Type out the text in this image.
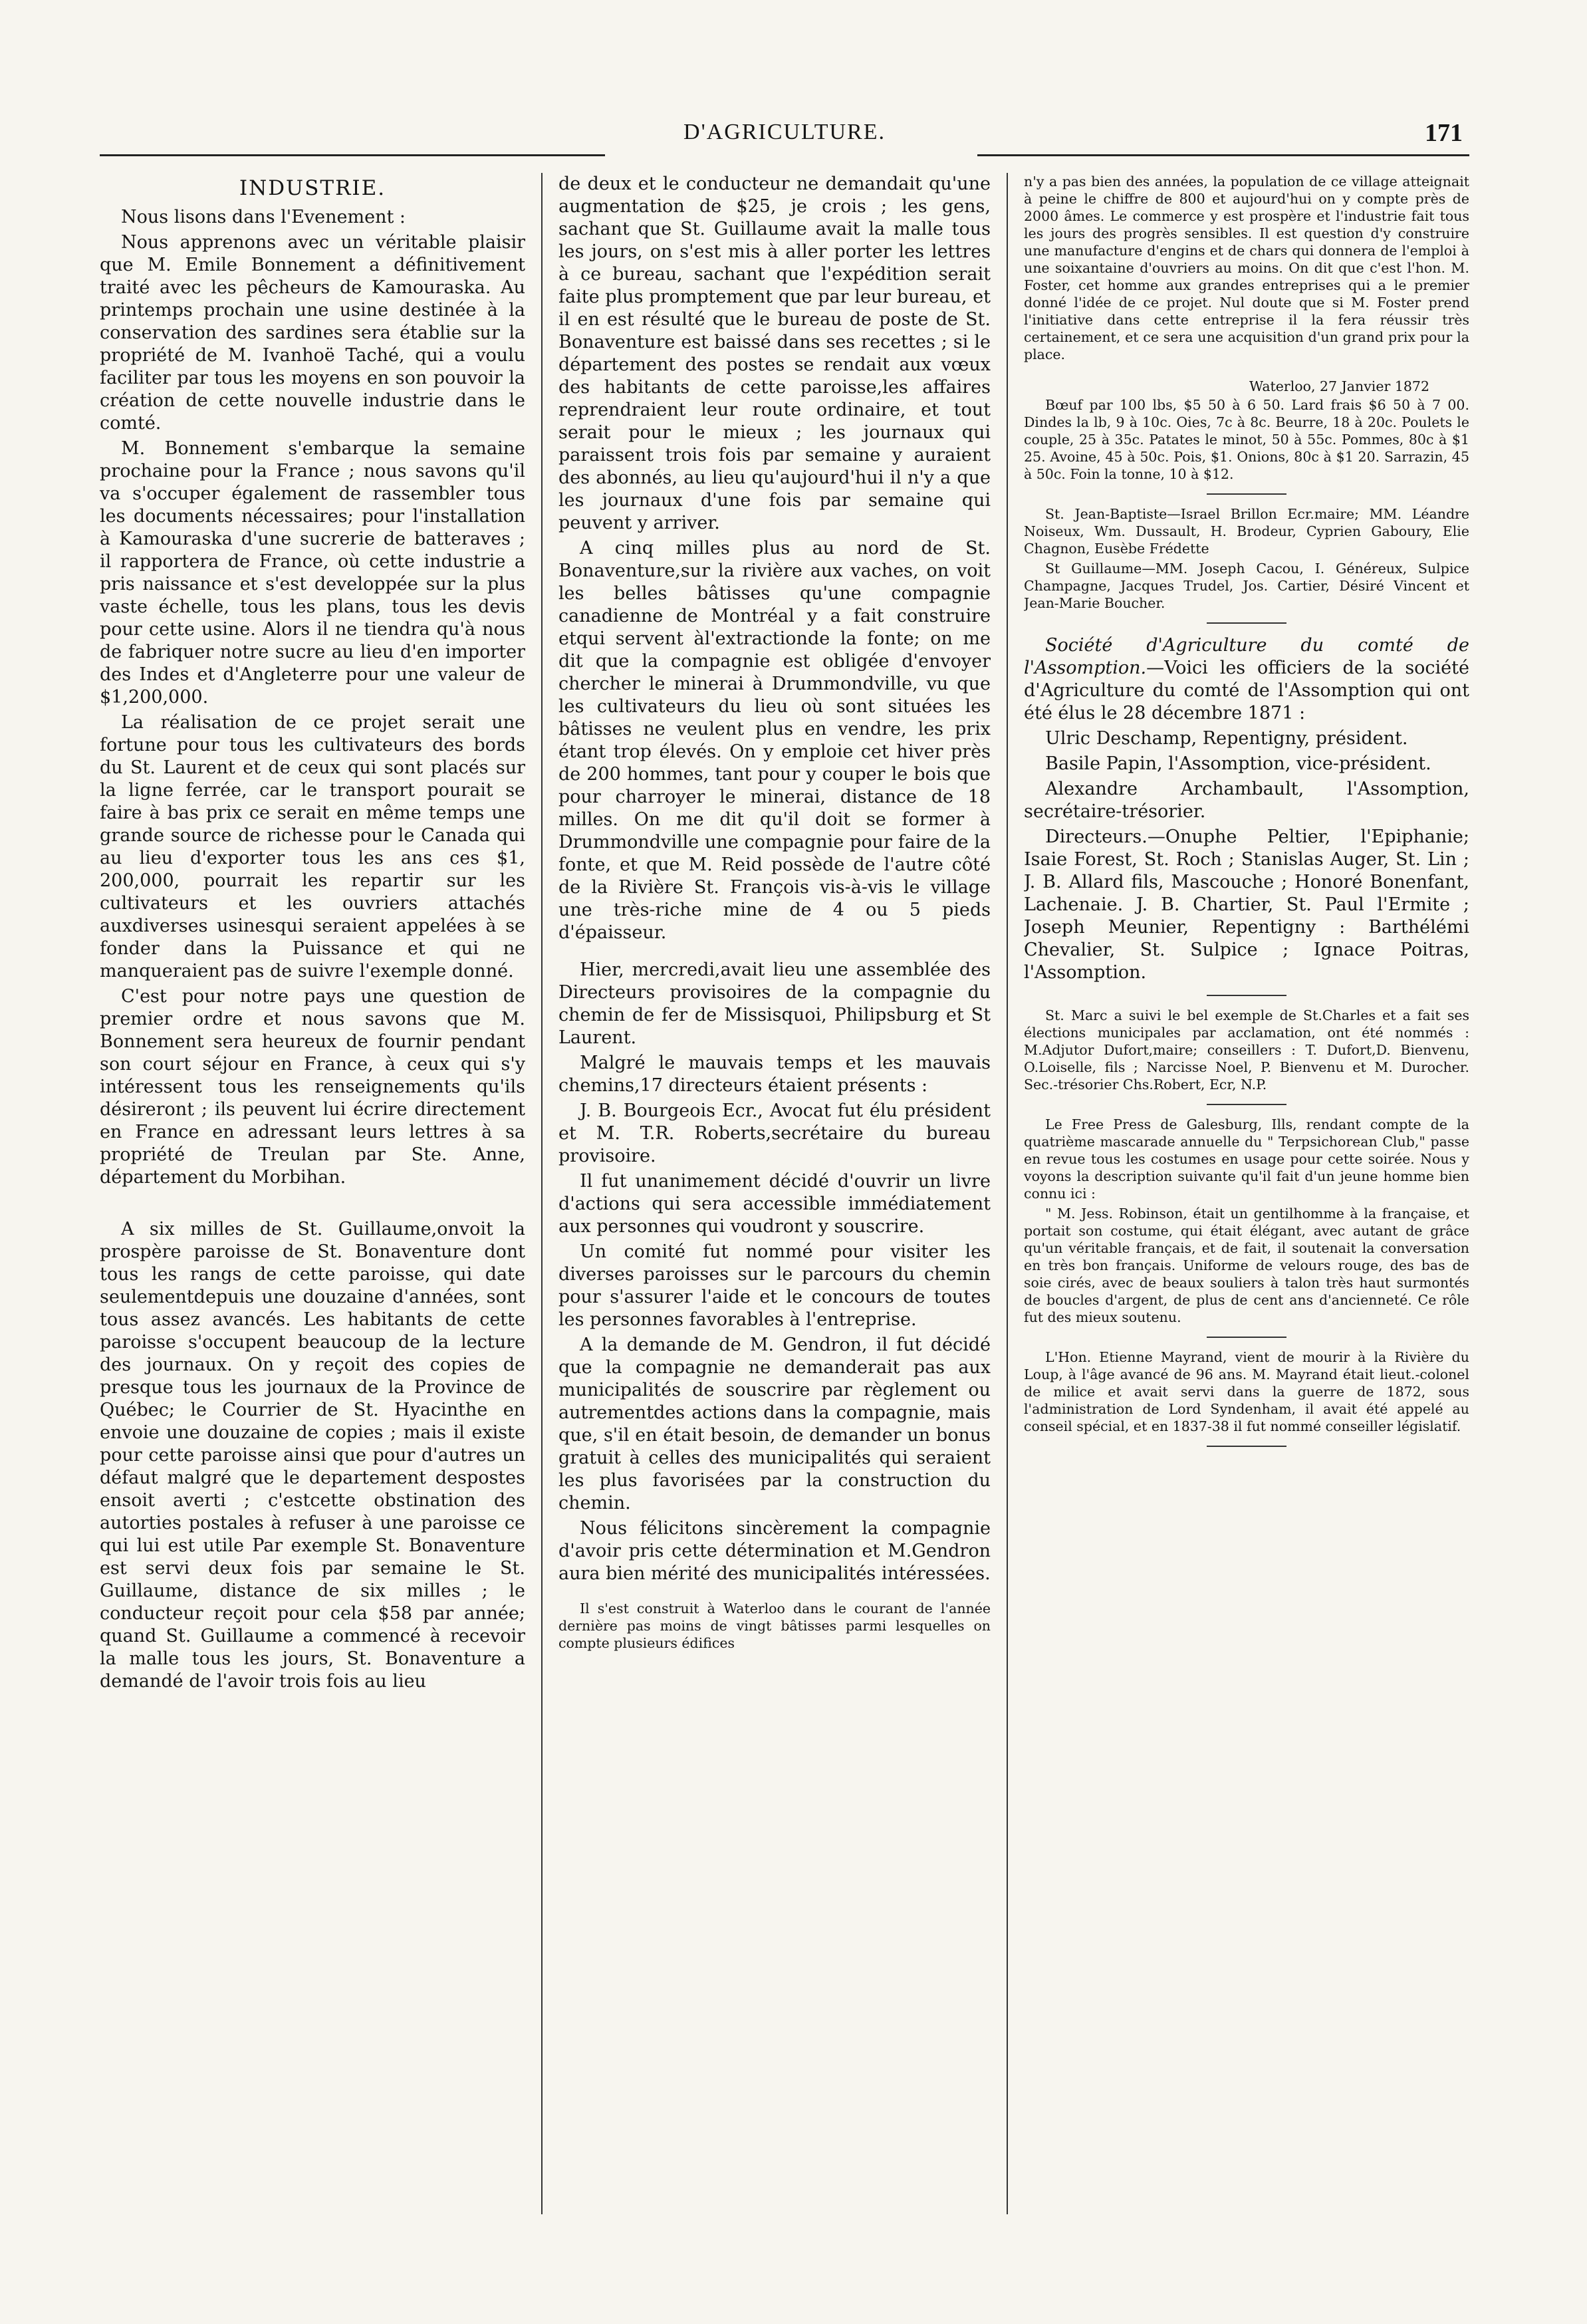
D'AGRICULTURE.	171
INDUSTRIE.

Nous lisons dans l'Evenement :

Nous apprenons avec un véritable plaisir que M. Emile Bonnement a définitivement traité avec les pêcheurs de Kamouraska. Au printemps prochain une usine destinée à la conservation des sardines sera établie sur la propriété de M. Ivanhoë Taché, qui a voulu faciliter par tous les moyens en son pouvoir la création de cette nouvelle industrie dans le comté.

M. Bonnement s'embarque la semaine prochaine pour la France ; nous savons qu'il va s'occuper également de rassembler tous les documents nécessaires; pour l'installation à Kamouraska d'une sucrerie de batteraves ; il rapportera de France, où cette industrie a pris naissance et s'est developpée sur la plus vaste échelle, tous les plans, tous les devis pour cette usine. Alors il ne tiendra qu'à nous de fabriquer notre sucre au lieu d'en importer des Indes et d'Angleterre pour une valeur de $1,200,000.

La réalisation de ce projet serait une fortune pour tous les cultivateurs des bords du St. Laurent et de ceux qui sont placés sur la ligne ferrée, car le transport pourait se faire à bas prix ce serait en même temps une grande source de richesse pour le Canada qui au lieu d'exporter tous les ans ces $1, 200,000, pourrait les repartir sur les cultivateurs et les ouvriers attachés auxdiverses usinesqui seraient appelées à se fonder dans la Puissance et qui ne manqueraient pas de suivre l'exemple donné.

C'est pour notre pays une question de premier ordre et nous savons que M. Bonnement sera heureux de fournir pendant son court séjour en France, à ceux qui s'y intéressent tous les renseignements qu'ils désireront ; ils peuvent lui écrire directement en France en adressant leurs lettres à sa propriété de Treulan par Ste. Anne, département du Morbihan.

A six milles de St. Guillaume,onvoit la prospère paroisse de St. Bonaventure dont tous les rangs de cette paroisse, qui date seulementdepuis une douzaine d'années, sont tous assez avancés. Les habitants de cette paroisse s'occupent beaucoup de la lecture des journaux. On y reçoit des copies de presque tous les journaux de la Province de Québec; le Courrier de St. Hyacinthe en envoie une douzaine de copies ; mais il existe pour cette paroisse ainsi que pour d'autres un défaut malgré que le departement despostes ensoit averti ; c'estcette obstination des autorties postales à refuser à une paroisse ce qui lui est utile Par exemple St. Bonaventure est servi deux fois par semaine le St. Guillaume, distance de six milles ; le conducteur reçoit pour cela $58 par année; quand St. Guillaume a commencé à recevoir la malle tous les jours, St. Bonaventure a demandé de l'avoir trois fois au lieu

de deux et le conducteur ne demandait qu'une augmentation de $25, je crois ; les gens, sachant que St. Guillaume avait la malle tous les jours, on s'est mis à aller porter les lettres à ce bureau, sachant que l'expédition serait faite plus promptement que par leur bureau, et il en est résulté que le bureau de poste de St. Bonaventure est baissé dans ses recettes ; si le département des postes se rendait aux vœux des habitants de cette paroisse,les affaires reprendraient leur route ordinaire, et tout serait pour le mieux ; les journaux qui paraissent trois fois par semaine y auraient des abonnés, au lieu qu'aujourd'hui il n'y a que les journaux d'une fois par semaine qui peuvent y arriver.

A cinq milles plus au nord de St. Bonaventure,sur la rivière aux vaches, on voit les belles bâtisses qu'une compagnie canadienne de Montréal y a fait construire etqui servent àl'extractionde la fonte; on me dit que la compagnie est obligée d'envoyer chercher le minerai à Drummondville, vu que les cultivateurs du lieu où sont situées les bâtisses ne veulent plus en vendre, les prix étant trop élevés. On y emploie cet hiver près de 200 hommes, tant pour y couper le bois que pour charroyer le minerai, distance de 18 milles. On me dit qu'il doit se former à Drummondville une compagnie pour faire de la fonte, et que M. Reid possède de l'autre côté de la Rivière St. François vis-à-vis le village une très-riche mine de 4 ou 5 pieds d'épaisseur.

Hier, mercredi,avait lieu une assemblée des Directeurs provisoires de la compagnie du chemin de fer de Missisquoi, Philipsburg et St Laurent.

Malgré le mauvais temps et les mauvais chemins,17 directeurs étaient présents :

J. B. Bourgeois Ecr., Avocat fut élu président et M. T.R. Roberts,secrétaire du bureau provisoire.

Il fut unanimement décidé d'ouvrir un livre d'actions qui sera accessible immédiatement aux personnes qui voudront y souscrire.

Un comité fut nommé pour visiter les diverses paroisses sur le parcours du chemin pour s'assurer l'aide et le concours de toutes les personnes favorables à l'entreprise.

A la demande de M. Gendron, il fut décidé que la compagnie ne demanderait pas aux municipalités de souscrire par règlement ou autrementdes actions dans la compagnie, mais que, s'il en était besoin, de demander un bonus gratuit à celles des municipalités qui seraient les plus favorisées par la construction du chemin.

Nous félicitons sincèrement la compagnie d'avoir pris cette détermination et M.Gendron aura bien mérité des municipalités intéressées.

Il s'est construit à Waterloo dans le courant de l'année dernière pas moins de vingt bâtisses parmi lesquelles on compte plusieurs édifices

n'y a pas bien des années, la population de ce village atteignait à peine le chiffre de 800 et aujourd'hui on y compte près de 2000 âmes. Le commerce y est prospère et l'industrie fait tous les jours des progrès sensibles. Il est question d'y construire une manufacture d'engins et de chars qui donnera de l'emploi à une soixantaine d'ouvriers au moins. On dit que c'est l'hon. M. Foster, cet homme aux grandes entreprises qui a le premier donné l'idée de ce projet. Nul doute que si M. Foster prend l'initiative dans cette entreprise il la fera réussir très certainement, et ce sera une acquisition d'un grand prix pour la place.

Waterloo, 27 Janvier 1872

Bœuf par 100 lbs, $5 50 à 6 50. Lard frais $6 50 à 7 00. Dindes la lb, 9 à 10c. Oies, 7c à 8c. Beurre, 18 à 20c. Poulets le couple, 25 à 35c. Patates le minot, 50 à 55c. Pommes, 80c à $1 25. Avoine, 45 à 50c. Pois, $1. Onions, 80c à $1 20. Sarrazin, 45 à 50c. Foin la tonne, 10 à $12.

St. Jean-Baptiste—Israel Brillon Ecr.maire; MM. Léandre Noiseux, Wm. Dussault, H. Brodeur, Cyprien Gaboury, Elie Chagnon, Eusèbe Frédette

St Guillaume—MM. Joseph Cacou, I. Généreux, Sulpice Champagne, Jacques Trudel, Jos. Cartier, Désiré Vincent et Jean-Marie Boucher.

Société d'Agriculture du comté de l'Assomption.—Voici les officiers de la société d'Agriculture du comté de l'Assomption qui ont été élus le 28 décembre 1871 :

Ulric Deschamp, Repentigny, président.

Basile Papin, l'Assomption, vice-président.

Alexandre Archambault, l'Assomption, secrétaire-trésorier.

Directeurs.—Onuphe Peltier, l'Epiphanie; Isaie Forest, St. Roch ; Stanislas Auger, St. Lin ; J. B. Allard fils, Mascouche ; Honoré Bonenfant, Lachenaie. J. B. Chartier, St. Paul l'Ermite ; Joseph Meunier, Repentigny : Barthélémi Chevalier, St. Sulpice ; Ignace Poitras, l'Assomption.

St. Marc a suivi le bel exemple de St.Charles et a fait ses élections municipales par acclamation, ont été nommés : M.Adjutor Dufort,maire; conseillers : T. Dufort,D. Bienvenu, O.Loiselle, fils ; Narcisse Noel, P. Bienvenu et M. Durocher. Sec.-trésorier Chs.Robert, Ecr, N.P.

Le Free Press de Galesburg, Ills, rendant compte de la quatrième mascarade annuelle du " Terpsichorean Club," passe en revue tous les costumes en usage pour cette soirée. Nous y voyons la description suivante qu'il fait d'un jeune homme bien connu ici :

" M. Jess. Robinson, était un gentilhomme à la française, et portait son costume, qui était élégant, avec autant de grâce qu'un véritable français, et de fait, il soutenait la conversation en très bon français. Uniforme de velours rouge, des bas de soie cirés, avec de beaux souliers à talon très haut surmontés de boucles d'argent, de plus de cent ans d'ancienneté. Ce rôle fut des mieux soutenu.

L'Hon. Etienne Mayrand, vient de mourir à la Rivière du Loup, à l'âge avancé de 96 ans. M. Mayrand était lieut.-colonel de milice et avait servi dans la guerre de 1872, sous l'administration de Lord Syndenham, il avait été appelé au conseil spécial, et en 1837-38 il fut nommé conseiller législatif.
